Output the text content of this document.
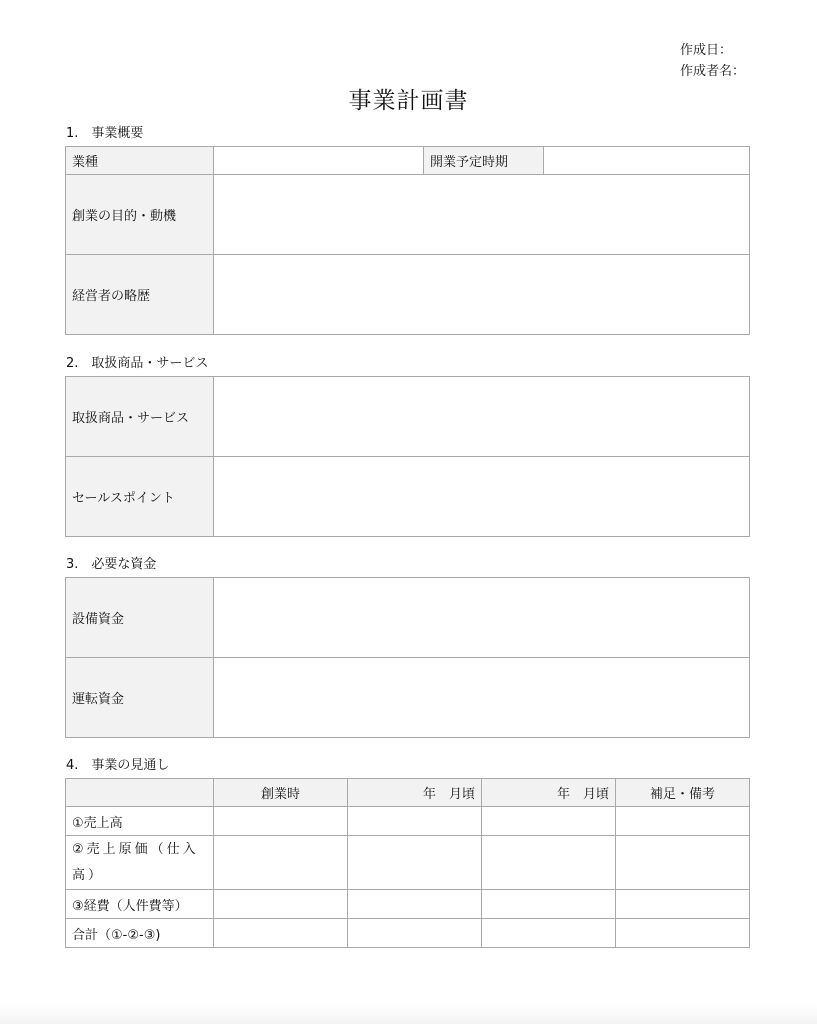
作成日：
作成者名：
事業計画書
1.　事業概要
業種		開業予定時期	
創業の目的・動機			
経営者の略歴			
2.　取扱商品・サービス
取扱商品・サービス	
セールスポイント	
3.　必要な資金
設備資金	
運転資金	
4.　事業の見通し
	創業時	年　月頃	年　月頃	補足・備考
①売上高				
②売上原価（仕入高）				
③経費（人件費等）				
合計（①-②-③)				
